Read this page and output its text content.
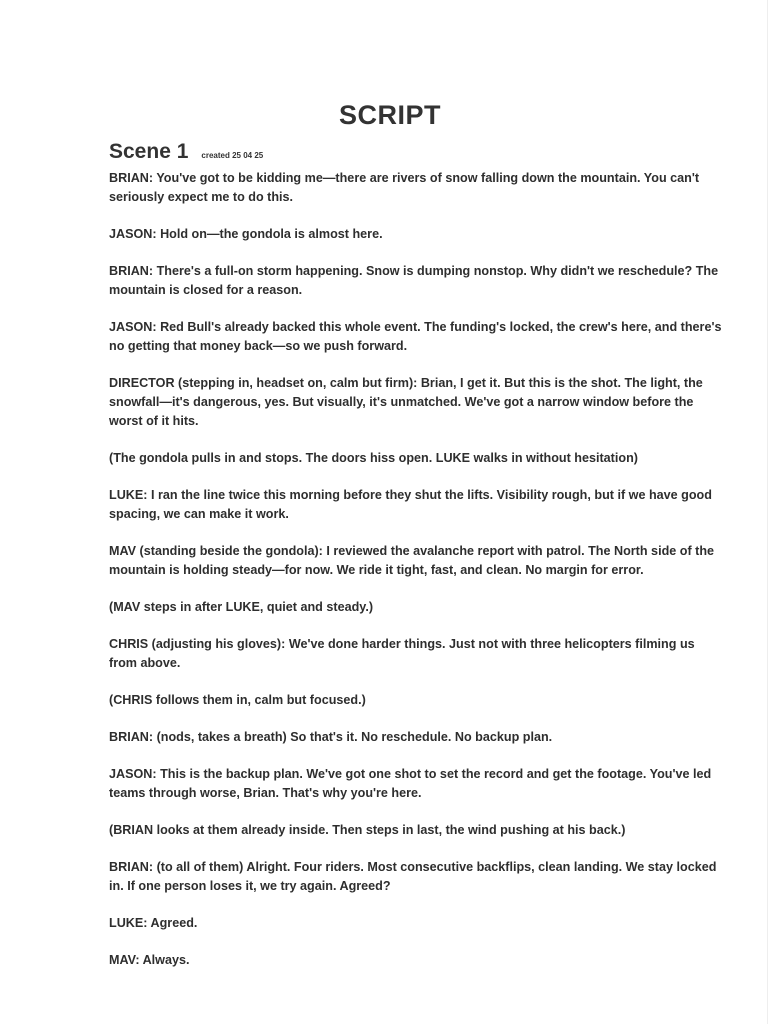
SCRIPT
Scene 1 created 25 04 25

BRIAN: You've got to be kidding me—there are rivers of snow falling down the mountain. You can't seriously expect me to do this.

JASON: Hold on—the gondola is almost here.

BRIAN: There's a full-on storm happening. Snow is dumping nonstop. Why didn't we reschedule? The mountain is closed for a reason.

JASON: Red Bull's already backed this whole event. The funding's locked, the crew's here, and there's no getting that money back—so we push forward.

DIRECTOR (stepping in, headset on, calm but firm): Brian, I get it. But this is the shot. The light, the snowfall—it's dangerous, yes. But visually, it's unmatched. We've got a narrow window before the worst of it hits.

(The gondola pulls in and stops. The doors hiss open. LUKE walks in without hesitation)

LUKE: I ran the line twice this morning before they shut the lifts. Visibility rough, but if we have good spacing, we can make it work.

MAV (standing beside the gondola): I reviewed the avalanche report with patrol. The North side of the mountain is holding steady—for now. We ride it tight, fast, and clean. No margin for error.

(MAV steps in after LUKE, quiet and steady.)

CHRIS (adjusting his gloves): We've done harder things. Just not with three helicopters filming us from above.

(CHRIS follows them in, calm but focused.)

BRIAN: (nods, takes a breath) So that's it. No reschedule. No backup plan.

JASON: This is the backup plan. We've got one shot to set the record and get the footage. You've led teams through worse, Brian. That's why you're here.

(BRIAN looks at them already inside. Then steps in last, the wind pushing at his back.)

BRIAN: (to all of them) Alright. Four riders. Most consecutive backflips, clean landing. We stay locked in. If one person loses it, we try again. Agreed?

LUKE: Agreed.

MAV: Always.
